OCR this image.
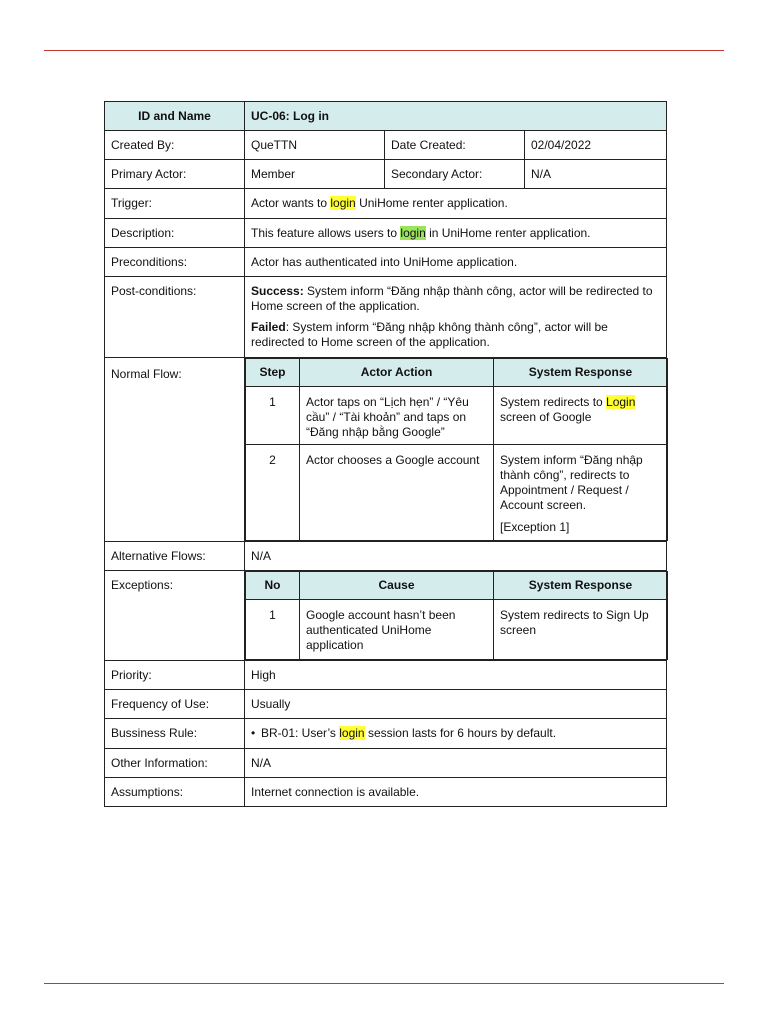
ID and Name	UC-06: Log in
Created By:	QueTTN	Date Created:	02/04/2022
Primary Actor:	Member	Secondary Actor:	N/A
Trigger:	Actor wants to login UniHome renter application.
Description:	This feature allows users to login in UniHome renter application.
Preconditions:	Actor has authenticated into UniHome application.
Post-conditions:	Success: System inform “Đăng nhập thành công, actor will be redirected to Home screen of the application.

Failed: System inform “Đăng nhập không thành công”, actor will be redirected to Home screen of the application.

Normal Flow:		Step	Actor Action	System Response
1	Actor taps on “Lịch hẹn” / “Yêu cầu” / “Tài khoản” and taps on “Đăng nhập bằng Google”	System redirects to Login screen of Google
2	Actor chooses a Google account	System inform “Đăng nhập thành công”, redirects to Appointment / Request / Account screen.
[Exception 1]

Alternative Flows:	N/A
Exceptions:		No	Cause	System Response
1	Google account hasn’t been authenticated UniHome application	System redirects to Sign Up screen

Priority:	High
Frequency of Use:	Usually
Bussiness Rule:	• BR-01: User’s login session lasts for 6 hours by default.
Other Information:	N/A
Assumptions:	Internet connection is available.
